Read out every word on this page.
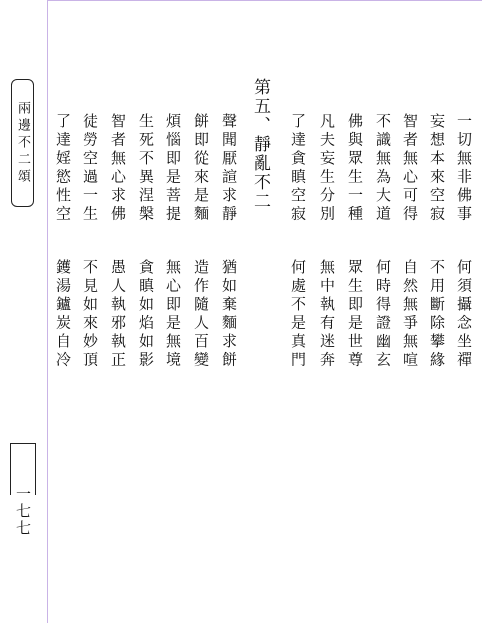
兩邊不二頌
一七七
一切無非佛事何須攝念坐禪
妄想本來空寂不用斷除攀緣
智者無心可得自然無爭無喧
不識無為大道何時得證幽玄
佛與眾生一種眾生即是世尊
凡夫妄生分別無中執有迷奔
了達貪瞋空寂何處不是真門
第五、靜亂不二
聲聞厭諠求靜猶如棄麵求餅
餅即從來是麵造作隨人百變
煩惱即是菩提無心即是無境
生死不異涅槃貪瞋如焰如影
智者無心求佛愚人執邪執正
徒勞空過一生不見如來妙頂
了達婬慾性空鑊湯鑪炭自冷
